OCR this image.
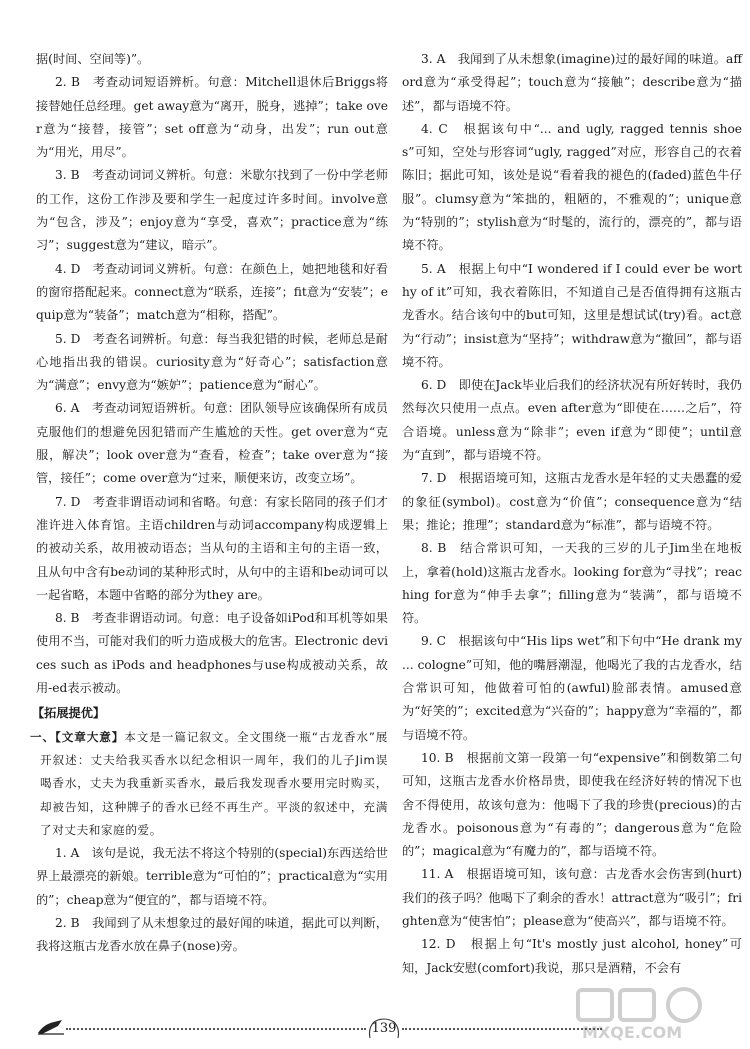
据(时间、空间等)”。

2. B　考查动词短语辨析。句意：Mitchell退休后Briggs将接替她任总经理。get away意为“离开，脱身，逃掉”；take over意为“接替，接管”；set off意为“动身，出发”；run out意为“用光，用尽”。

3. B　考查动词词义辨析。句意：米歇尔找到了一份中学老师的工作，这份工作涉及要和学生一起度过许多时间。involve意为“包含，涉及”；enjoy意为“享受，喜欢”；practice意为“练习”；suggest意为“建议，暗示”。

4. D　考查动词词义辨析。句意：在颜色上，她把地毯和好看的窗帘搭配起来。connect意为“联系，连接”；fit意为“安装”；equip意为“装备”；match意为“相称，搭配”。

5. D　考查名词辨析。句意：每当我犯错的时候，老师总是耐心地指出我的错误。curiosity意为“好奇心”；satisfaction意为“满意”；envy意为“嫉妒”；patience意为“耐心”。

6. A　考查动词短语辨析。句意：团队领导应该确保所有成员克服他们的想避免因犯错而产生尴尬的天性。get over意为“克服，解决”；look over意为“查看，检查”；take over意为“接管，接任”；come over意为“过来，顺便来访，改变立场”。

7. D　考查非谓语动词和省略。句意：有家长陪同的孩子们才准许进入体育馆。主语children与动词accompany构成逻辑上的被动关系，故用被动语态；当从句的主语和主句的主语一致，且从句中含有be动词的某种形式时，从句中的主语和be动词可以一起省略，本题中省略的部分为they are。

8. B　考查非谓语动词。句意：电子设备如iPod和耳机等如果使用不当，可能对我们的听力造成极大的危害。Electronic devices such as iPods and headphones与use构成被动关系，故用-ed表示被动。

【拓展提优】

一、【文章大意】本文是一篇记叙文。全文围绕一瓶“古龙香水”展开叙述：丈夫给我买香水以纪念相识一周年，我们的儿子Jim误喝香水，丈夫为我重新买香水，最后我发现香水要用完时购买，却被告知，这种牌子的香水已经不再生产。平淡的叙述中，充满了对丈夫和家庭的爱。

1. A　该句是说，我无法不将这个特别的(special)东西送给世界上最漂亮的新娘。terrible意为“可怕的”；practical意为“实用的”；cheap意为“便宜的”，都与语境不符。

2. B　我闻到了从未想象过的最好闻的味道，据此可以判断，我将这瓶古龙香水放在鼻子(nose)旁。

3. A　我闻到了从未想象(imagine)过的最好闻的味道。afford意为“承受得起”；touch意为“接触”；describe意为“描述”，都与语境不符。

4. C　根据该句中“... and ugly, ragged tennis shoes”可知，空处与形容词“ugly, ragged”对应，形容自己的衣着陈旧；据此可知，该处是说“看着我的褪色的(faded)蓝色牛仔服”。clumsy意为“笨拙的，粗陋的，不雅观的”；unique意为“特别的”；stylish意为“时髦的，流行的，漂亮的”，都与语境不符。

5. A　根据上句中“I wondered if I could ever be worthy of it”可知，我衣着陈旧，不知道自己是否值得拥有这瓶古龙香水。结合该句中的but可知，这里是想试试(try)看。act意为“行动”；insist意为“坚持”；withdraw意为“撤回”，都与语境不符。

6. D　即使在Jack毕业后我们的经济状况有所好转时，我仍然每次只使用一点点。even after意为“即使在……之后”，符合语境。unless意为“除非”；even if意为“即使”；until意为“直到”，都与语境不符。

7. D　根据语境可知，这瓶古龙香水是年轻的丈夫愚蠢的爱的象征(symbol)。cost意为“价值”；consequence意为“结果；推论；推理”；standard意为“标准”，都与语境不符。

8. B　结合常识可知，一天我的三岁的儿子Jim坐在地板上，拿着(hold)这瓶古龙香水。looking for意为“寻找”；reaching for意为“伸手去拿”；filling意为“装满”，都与语境不符。

9. C　根据该句中“His lips wet”和下句中“He drank my ... cologne”可知，他的嘴唇潮湿，他喝光了我的古龙香水，结合常识可知，他做着可怕的(awful)脸部表情。amused意为“好笑的”；excited意为“兴奋的”；happy意为“幸福的”，都与语境不符。

10. B　根据前文第一段第一句“expensive”和倒数第二句可知，这瓶古龙香水价格昂贵，即使我在经济好转的情况下也舍不得使用，故该句意为：他喝下了我的珍贵(precious)的古龙香水。poisonous意为“有毒的”；dangerous意为“危险的”；magical意为“有魔力的”，都与语境不符。

11. A　根据语境可知，该句意：古龙香水会伤害到(hurt)我们的孩子吗？他喝下了剩余的香水！attract意为“吸引”；frighten意为“使害怕”；please意为“使高兴”，都与语境不符。

12. D　根据上句“It's mostly just alcohol, honey”可知，Jack安慰(comfort)我说，那只是酒精，不会有

139	MXQE.COM
